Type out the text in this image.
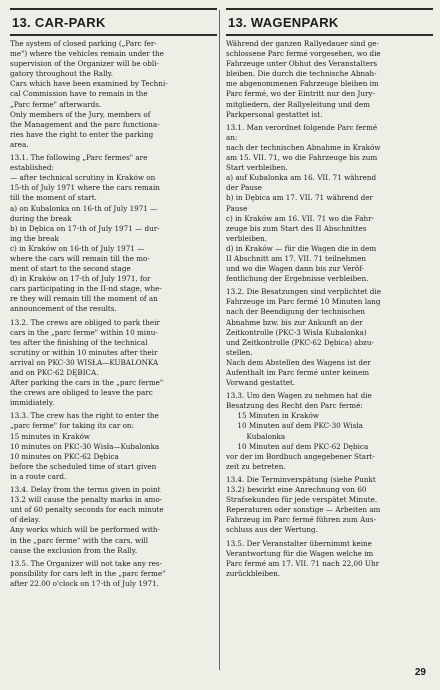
13. CAR-PARK

The system of closed parking („Parc fer-
me") where the vehicles remain under the
supervision of the Organizer will be obli-
gatory throughout the Rally.
Cars which have been examined by Techni-
cal Commission have to remain in the
„Parc ferme" afterwards.
Only members of the Jury, members of
the Management and the parc functiona-
ries have the right to enter the parking
area.

13.1. The following „Parc fermes" are
established:
— after technical scrutiny in Kraków on
15-th of July 1971 where the cars remain
till the moment of start.
a) on Kubalonka on 16-th of July 1971 —
during the break
b) in Dębica on 17-th of July 1971 — dur-
ing the break
c) in Kraków on 16-th of July 1971 —
where the cars will remain till the mo-
ment of start to the second stage
d) in Kraków on 17-th of July 1971, for
cars participating in the II-nd stage, whe-
re they will remain till the moment of an
announcement of the results.

13.2. The crews are obliged to park their
cars in the „parc ferme" within 10 minu-
tes after the finishing of the technical
scrutiny or within 10 minutes after their
arrival on PKC-30 WISŁA—KUBALONKA
and on PKC-62 DĘBICA.
After parking the cars in the „parc ferme"
the crews are obliged to leave the parc
immidiately.

13.3. The crew has the right to enter the
„parc ferme" for taking its car on:
15 minutes in Kraków
10 minutes on PKC-30 Wisła—Kubalonka
10 minutes on PKC-62 Dębica
before the scheduled time of start given
in a route card.

13.4. Delay from the terms given in point
13.2 will cause the penalty marks in amo-
unt of 60 penalty seconds for each minute
of delay.
Any works which will be performed with-
in the „parc ferme" with the cars, will
cause the exclusion from the Rally.

13.5. The Organizer will not take any res-
ponsibility for cars left in the „parc ferme"
after 22.00 o'clock on 17-th of July 1971.

13. WAGENPARK

Während der ganzen Rallyedauer sind ge-
schlossene Parc fermé vorgesehen, wo die
Fahrzeuge unter Obhut des Veranstalters
bleiben. Die durch die technische Abnah-
me abgenommenen Fahrzeuge bleiben im
Parc fermé, wo der Eintritt nur den Jury-
mitgliedern, der Rallyeleitung und dem
Parkpersonal gestattet ist.

13.1. Man verordnet folgende Parc fermé
an:
nach der technischen Abnahme in Kraków
am 15. VII. 71, wo die Fahrzeuge bis zum
Start verbleiben.
a) auf Kubalonka am 16. VII. 71 während
der Pause
b) in Dębica am 17. VII. 71 während der
Pause
c) in Kraków am 16. VII. 71 wo die Fahr-
zeuge bis zum Start des II Abschnittes
verbleiben.
d) in Kraków — für die Wagen die in dem
II Abschnitt am 17. VII. 71 teilnehmen
und wo die Wagen dann bis zur Veröf-
fentlichung der Ergebnisse verbleiben.

13.2. Die Besatzungen sind verplichtet die
Fahrzeuge im Parc fermé 10 Minuten lang
nach der Beendigung der technischen
Abnahme bzw. bis zur Ankunft an der
Zeitkontrolle (PKC-3 Wisla Kubalonka)
und Zeitkontrolle (PKC-62 Dębica) abzu-
stellen.
Nach dem Abstellen des Wagens ist der
Aufenthalt im Parc fermé unter keinem
Vorwand gestattet.

13.3. Um den Wagen zu nehmen hat die
Besatzung des Recht den Parc fermé:
15 Minuten in Kraków
10 Minuten auf dem PKC-30 Wisła
Kubalonka
10 Minuten auf dem PKC-62 Dębica
vor der im Bordbuch angegebener Start-
zeit zu betreten.

13.4. Die Terminverspätung (siehe Punkt
13.2) bewirkt eine Anrechnung von 60
Strafsekunden für jede verspätet Minute.
Reperaturen oder sonstige — Arbeiten am
Fahrzeug im Parc fermé führen zum Aus-
schluss aus der Wertung.

13.5. Der Veranstalter übernimmt keine
Verantwortung für die Wagen welche im
Parc fermé am 17. VII. 71 nach 22,00 Uhr
zurückbleiben.

29
